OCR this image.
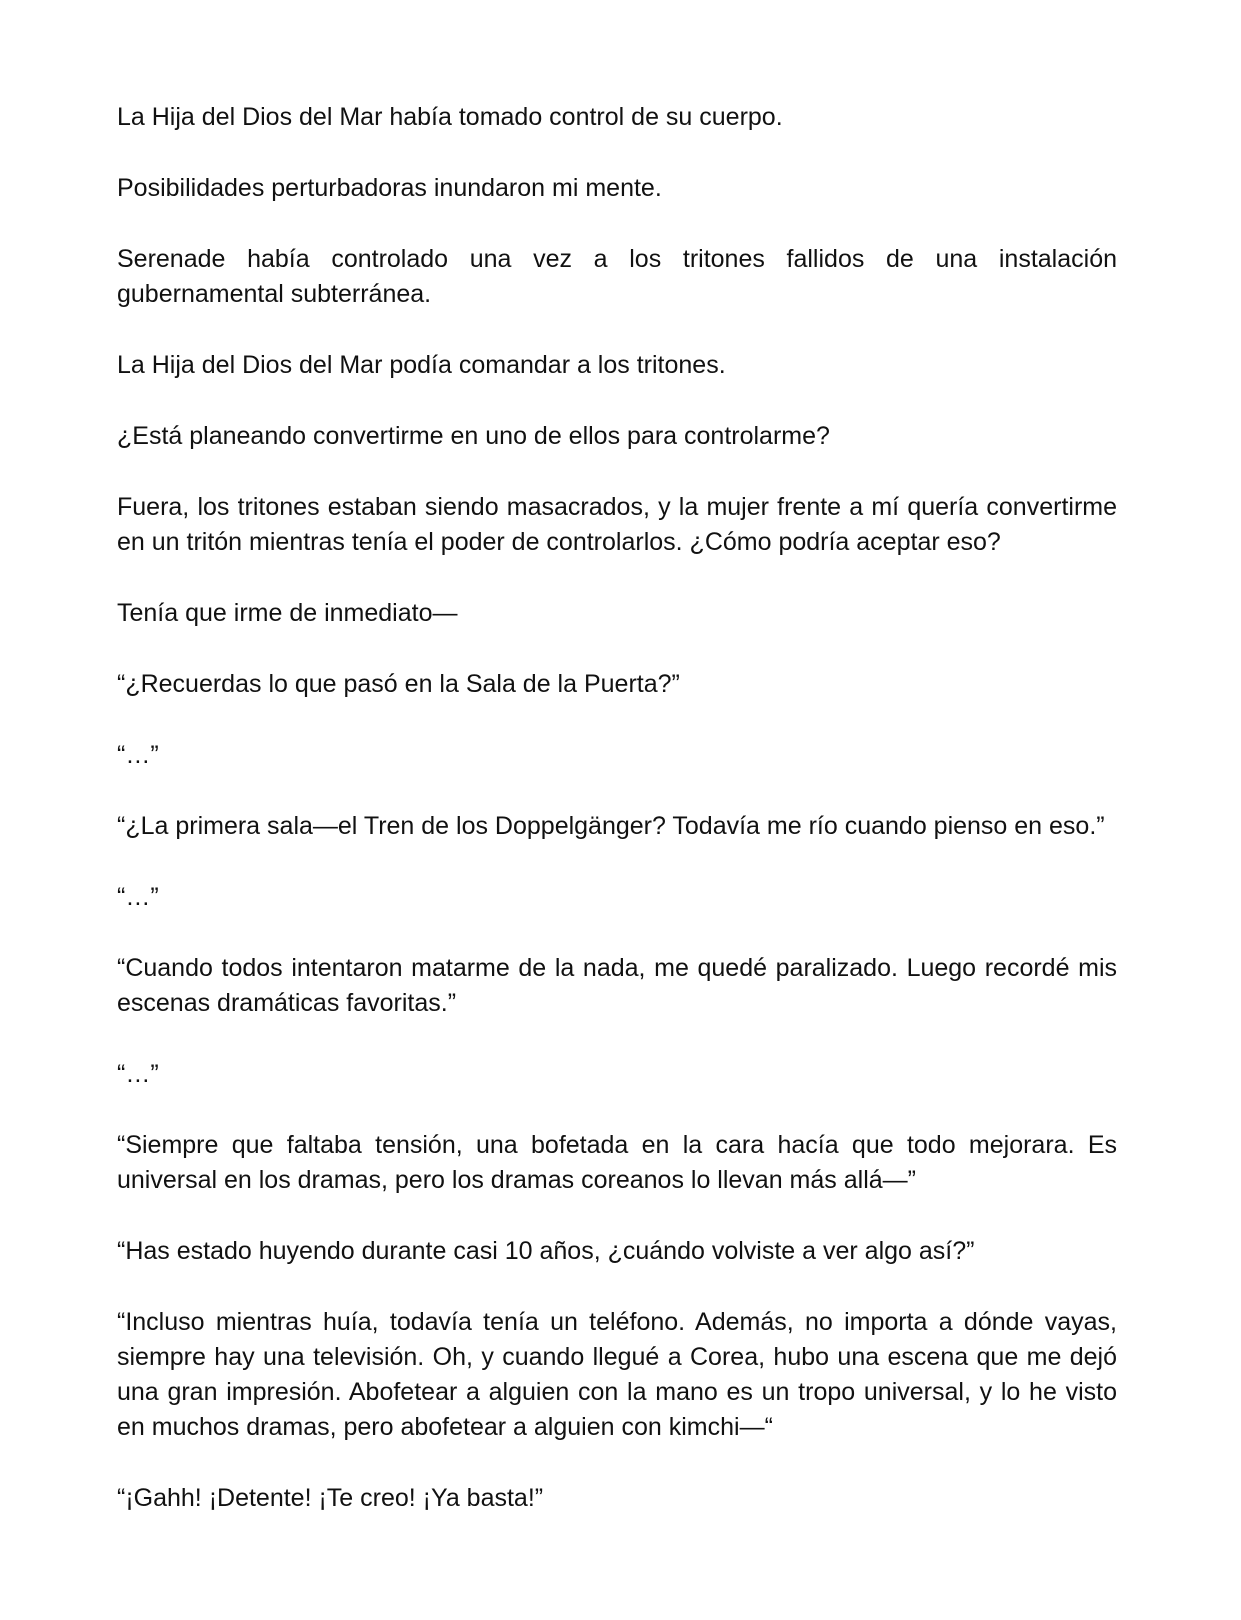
La Hija del Dios del Mar había tomado control de su cuerpo.

Posibilidades perturbadoras inundaron mi mente.

Serenade había controlado una vez a los tritones fallidos de una instalación gubernamental subterránea.

La Hija del Dios del Mar podía comandar a los tritones.

¿Está planeando convertirme en uno de ellos para controlarme?

Fuera, los tritones estaban siendo masacrados, y la mujer frente a mí quería convertirme en un tritón mientras tenía el poder de controlarlos. ¿Cómo podría aceptar eso?

Tenía que irme de inmediato—

“¿Recuerdas lo que pasó en la Sala de la Puerta?”

“…”

“¿La primera sala—el Tren de los Doppelgänger? Todavía me río cuando pienso en eso.”

“…”

“Cuando todos intentaron matarme de la nada, me quedé paralizado. Luego recordé mis escenas dramáticas favoritas.”

“…”

“Siempre que faltaba tensión, una bofetada en la cara hacía que todo mejorara. Es universal en los dramas, pero los dramas coreanos lo llevan más allá—”

“Has estado huyendo durante casi 10 años, ¿cuándo volviste a ver algo así?”

“Incluso mientras huía, todavía tenía un teléfono. Además, no importa a dónde vayas, siempre hay una televisión. Oh, y cuando llegué a Corea, hubo una escena que me dejó una gran impresión. Abofetear a alguien con la mano es un tropo universal, y lo he visto en muchos dramas, pero abofetear a alguien con kimchi—“

“¡Gahh! ¡Detente! ¡Te creo! ¡Ya basta!”
